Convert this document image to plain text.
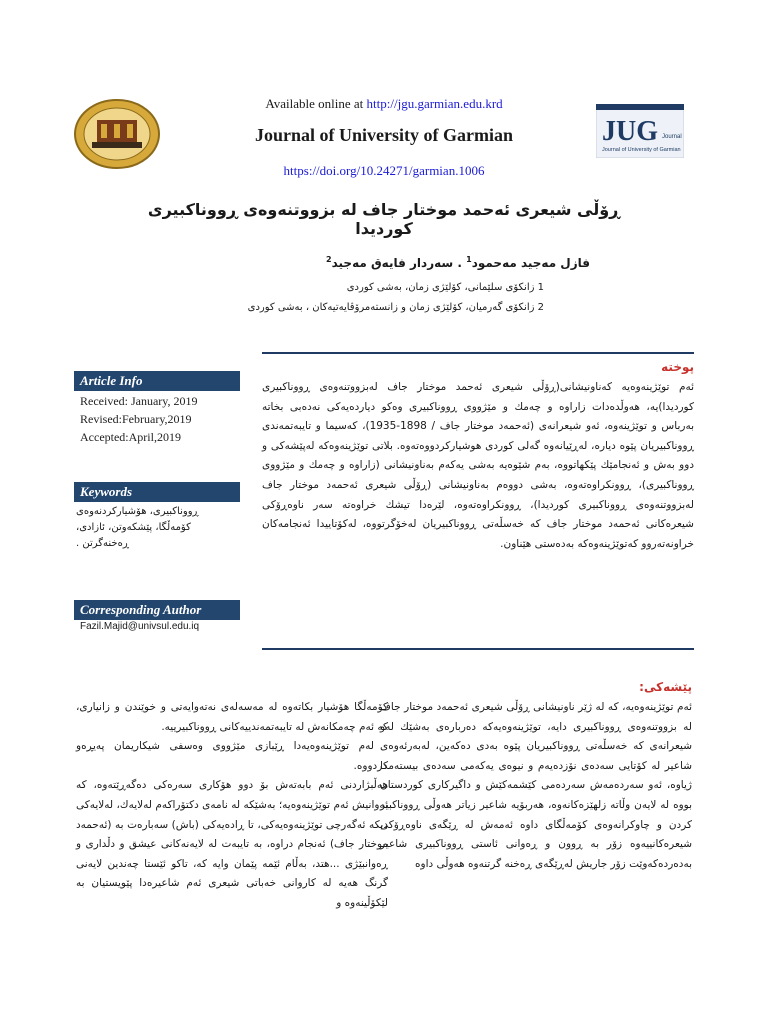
Available online at http://jgu.garmian.edu.krd
Journal of University of Garmian
https://doi.org/10.24271/garmian.1006
JUG Journal
Journal of University of Garmian
ڕۆڵی شیعری ئەحمد موختار جاف لە بزووتنەوەی ڕووناكبیری كوردیدا
فازل مەجید مەحمود$^1$ . سەردار فایەق مەجید$^2$
1 زانكۆی سلێمانی، كۆلێژی زمان، بەشی كوردی
2 زانكۆی گەرمیان، كۆلێژی زمان و زانستەمرۆڤایەتیەكان ، بەشی كوردی
Article Info
Received: January, 2019
Revised:February,2019
Accepted:April,2019
Keywords
ڕووناكبیری، هۆشیاركردنەوەی كۆمەڵگا، پێشكەوتن، ئازادی، ڕەخنەگرتن .
Corresponding Author
Fazil.Majid@univsul.edu.iq
پوختە
ئەم توێژینەوەیە كەناونیشانی(ڕۆڵی شیعری ئەحمد موختار جاف لەبزووتنەوەی ڕووناكبیری كوردیدا)یە، هەوڵدەدات زاراوە و چەمك و مێژووی ڕووناكبیری وەكو دیاردەیەكی نەدەبی بخاتە بەرباس و توێژینەوە، ئەو شیعرانەی (ئەحمەد موختار جاف / 1898-1935)، كەسیما و تایبەتمەندی ڕووناكبیریان پێوە دیارە، لەڕێیانەوە گەلی كوردی هوشیاركردووەتەوە. بلاتی توێژینەوەكە لەپێشەكی و دوو بەش و ئەنجامێك پێكهاتووە، بەم شێوەیە بەشی یەكەم بەناونیشانی (زاراوە و چەمك و مێژووی ڕووناكبیری)، ڕوونكراوەتەوە، بەشی دووەم بەناونیشانی (ڕۆڵی شیعری ئەحمەد موختار جاف لەبزووتنەوەی ڕووناكبیری كوردیدا)، ڕوونكراوەتەوە، لێرەدا تیشك خراوەتە سەر ناوەڕۆكی شیعرەكانی ئەحمەد موختار جاف كە خەسڵەتی ڕووناكبیریان لەخۆگرتووە، لەكۆتاییدا ئەنجامەكان خراونەتەروو كەتوێژینەوەكە بەدەستی هێناون.
:پێشەكی

ئەم توێژینەوەیە، كە لە ژێر ناونیشانی ڕۆڵی شیعری ئەحمەد موختار جاف لە بزووتنەوەی ڕووناكبیری دایە، توێژینەوەیەكە دەربارەی بەشێك لەو شیعرانەی كە خەسڵەتی ڕووناكبیریان پێوە بەدی دەكەین، لەبەرئەوەی شاعیر لە كۆتایی سەدەی نۆزدەیەم و نیوەی یەكەمی سەدەی بیستەمدا ژیاوە، ئەو سەردەمەش سەردەمی كێشمەكێش و داگیركاری كوردستان بووە لە لایەن وڵاتە زلهێزەكانەوە، هەربۆیە شاعیر زیاتر هەوڵی ڕووناكبیر كردن و چاوكرانەوەی كۆمەڵگای داوە ئەمەش لە ڕێگەی ناوەڕۆكی شیعرەكانییەوە زۆر بە ڕوون و ڕەوانی ئاستی ڕووناكبیری شاعیر بەدەردەكەوێت زۆر جاریش لەڕێگەی ڕەخنە گرتنەوە هەوڵی داوە

كۆمەڵگا هۆشیار بكاتەوە لە مەسەلەی نەتەوایەتی و خوێندن و زانیاری، كە ئەم چەمكانەش لە تایبەتمەندییەكانی ڕووناكبیرییە.

لەم توێژینەوەیەدا ڕێبازی مێژووی وەسفی شیكاریمان پەیڕەو كردووە.

هەڵبژاردنی ئەم بابەتەش بۆ دوو هۆكاری سەرەكی دەگەڕێتەوە، كە ئەوانیش ئەم توێژینەوەیە؛ بەشێكە لە نامەی دكتۆراكەم لەلایەك، لەلایەكی دیكە ئەگەرچی توێژینەوەیەكی، تا ڕادەیەكی (باش) سەبارەت بە (ئەحمەد موختار جاف) ئەنجام دراوە، بە تایبەت لە لایەنەكانی عیشق و دڵداری و ڕەوانبێژی ...هتد، بەڵام ئێمە پێمان وایە كە، تاكو ئێستا چەندین لایەنی گرنگ هەیە لە كاروانی خەباتی شیعری ئەم شاعیرەدا پێویستیان بە لێكۆڵینەوە و
